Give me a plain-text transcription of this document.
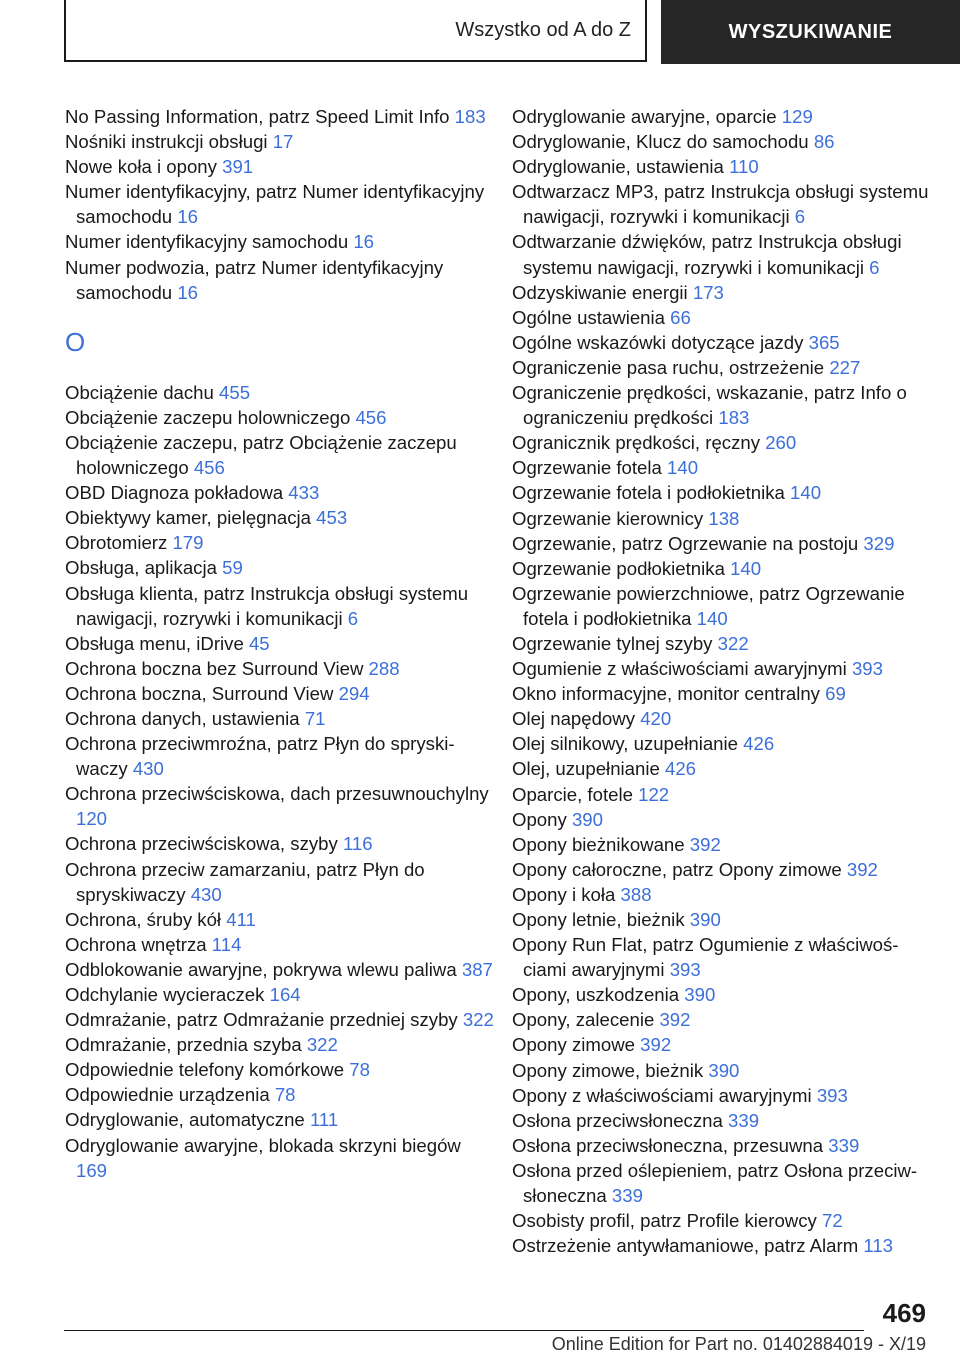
Wszystko od A do Z	WYSZUKIWANIE
No Passing Information, patrz Speed Limit Info 183
Nośniki instrukcji obsługi 17
Nowe koła i opony 391
Numer identyfikacyjny, patrz Numer identyfikacyjny samochodu 16
Numer identyfikacyjny samochodu 16
Numer podwozia, patrz Numer identyfikacyjny samochodu 16
O
Obciążenie dachu 455
Obciążenie zaczepu holowniczego 456
Obciążenie zaczepu, patrz Obciążenie zaczepu holowniczego 456
OBD Diagnoza pokładowa 433
Obiektywy kamer, pielęgnacja 453
Obrotomierz 179
Obsługa, aplikacja 59
Obsługa klienta, patrz Instrukcja obsługi systemu nawigacji, rozrywki i komunikacji 6
Obsługa menu, iDrive 45
Ochrona boczna bez Surround View 288
Ochrona boczna, Surround View 294
Ochrona danych, ustawienia 71
Ochrona przeciwmroźna, patrz Płyn do spryskiwaczy 430
Ochrona przeciwściskowa, dach przesuwnouchylny 120
Ochrona przeciwściskowa, szyby 116
Ochrona przeciw zamarzaniu, patrz Płyn do spryskiwaczy 430
Ochrona, śruby kół 411
Ochrona wnętrza 114
Odblokowanie awaryjne, pokrywa wlewu paliwa 387
Odchylanie wycieraczek 164
Odmrażanie, patrz Odmrażanie przedniej szyby 322
Odmrażanie, przednia szyba 322
Odpowiednie telefony komórkowe 78
Odpowiednie urządzenia 78
Odryglowanie, automatyczne 111
Odryglowanie awaryjne, blokada skrzyni biegów 169
Odryglowanie awaryjne, oparcie 129
Odryglowanie, Klucz do samochodu 86
Odryglowanie, ustawienia 110
Odtwarzacz MP3, patrz Instrukcja obsługi systemu nawigacji, rozrywki i komunikacji 6
Odtwarzanie dźwięków, patrz Instrukcja obsługi systemu nawigacji, rozrywki i komunikacji 6
Odzyskiwanie energii 173
Ogólne ustawienia 66
Ogólne wskazówki dotyczące jazdy 365
Ograniczenie pasa ruchu, ostrzeżenie 227
Ograniczenie prędkości, wskazanie, patrz Info o ograniczeniu prędkości 183
Ogranicznik prędkości, ręczny 260
Ogrzewanie fotela 140
Ogrzewanie fotela i podłokietnika 140
Ogrzewanie kierownicy 138
Ogrzewanie, patrz Ogrzewanie na postoju 329
Ogrzewanie podłokietnika 140
Ogrzewanie powierzchniowe, patrz Ogrzewanie fotela i podłokietnika 140
Ogrzewanie tylnej szyby 322
Ogumienie z właściwościami awaryjnymi 393
Okno informacyjne, monitor centralny 69
Olej napędowy 420
Olej silnikowy, uzupełnianie 426
Olej, uzupełnianie 426
Oparcie, fotele 122
Opony 390
Opony bieżnikowane 392
Opony całoroczne, patrz Opony zimowe 392
Opony i koła 388
Opony letnie, bieżnik 390
Opony Run Flat, patrz Ogumienie z właściwościami awaryjnymi 393
Opony, uszkodzenia 390
Opony, zalecenie 392
Opony zimowe 392
Opony zimowe, bieżnik 390
Opony z właściwościami awaryjnymi 393
Osłona przeciwsłoneczna 339
Osłona przeciwsłoneczna, przesuwna 339
Osłona przed oślepieniem, patrz Osłona przeciwsłoneczna 339
Osobisty profil, patrz Profile kierowcy 72
Ostrzeżenie antywłamaniowe, patrz Alarm 113
469
Online Edition for Part no. 01402884019 - X/19
